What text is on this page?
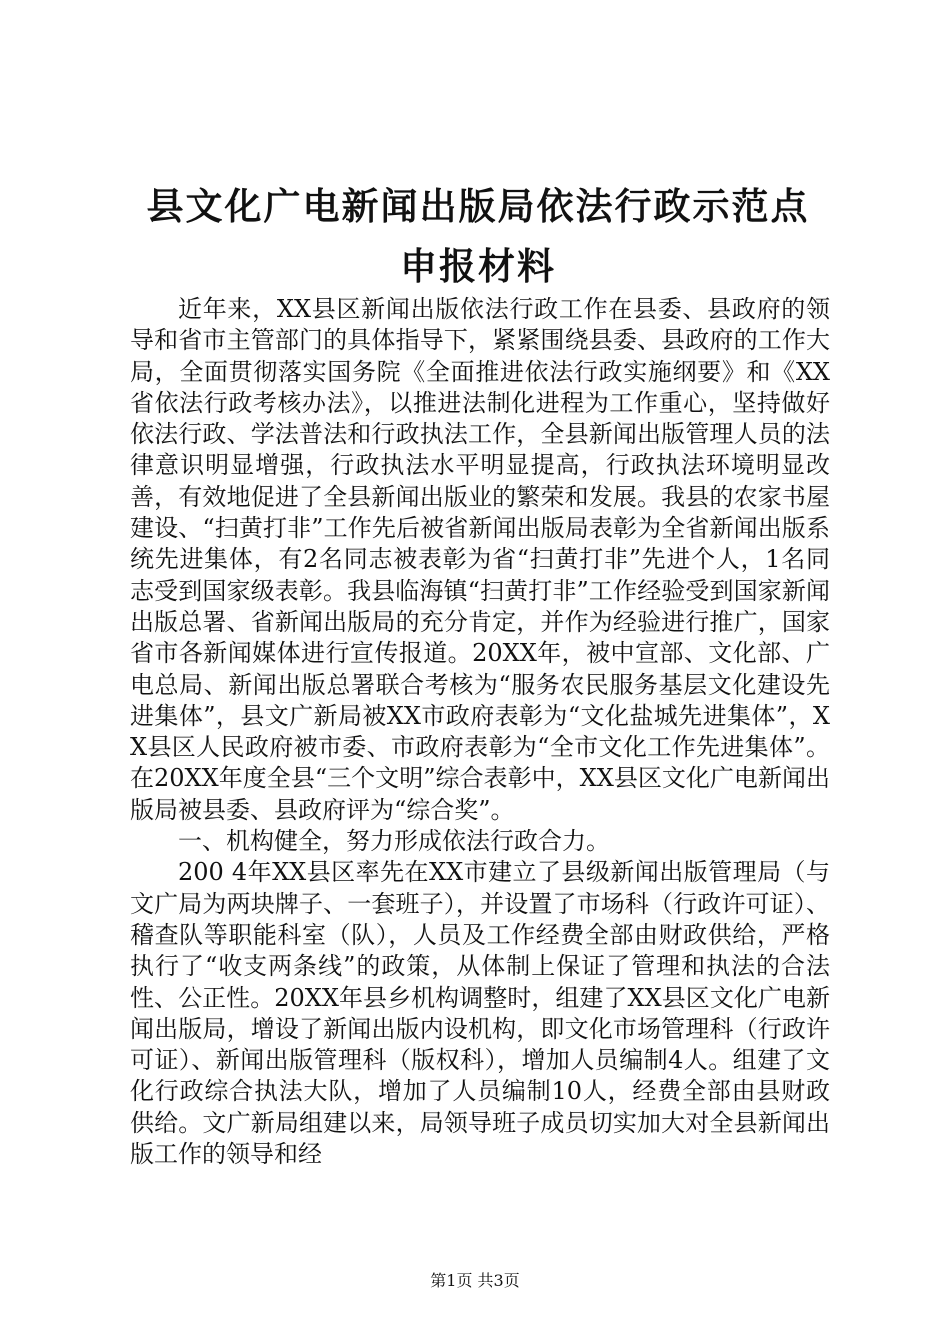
县文化广电新闻出版局依法行政示范点申报材料

近年来，XX县区新闻出版依法行政工作在县委、县政府的领导和省市主管部门的具体指导下，紧紧围绕县委、县政府的工作大局，全面贯彻落实国务院《全面推进依法行政实施纲要》和《XX省依法行政考核办法》，以推进法制化进程为工作重心，坚持做好依法行政、学法普法和行政执法工作，全县新闻出版管理人员的法律意识明显增强，行政执法水平明显提高，行政执法环境明显改善，有效地促进了全县新闻出版业的繁荣和发展。我县的农家书屋建设、“扫黄打非”工作先后被省新闻出版局表彰为全省新闻出版系统先进集体，有2名同志被表彰为省“扫黄打非”先进个人，1名同志受到国家级表彰。我县临海镇“扫黄打非”工作经验受到国家新闻出版总署、省新闻出版局的充分肯定，并作为经验进行推广，国家省市各新闻媒体进行宣传报道。20XX年，被中宣部、文化部、广电总局、新闻出版总署联合考核为“服务农民服务基层文化建设先进集体”，县文广新局被XX市政府表彰为“文化盐城先进集体”，XX县区人民政府被市委、市政府表彰为“全市文化工作先进集体”。在20XX年度全县“三个文明”综合表彰中，XX县区文化广电新闻出版局被县委、县政府评为“综合奖”。

一、机构健全，努力形成依法行政合力。

200 4年XX县区率先在XX市建立了县级新闻出版管理局（与文广局为两块牌子、一套班子），并设置了市场科（行政许可证）、稽查队等职能科室（队），人员及工作经费全部由财政供给，严格执行了“收支两条线”的政策，从体制上保证了管理和执法的合法性、公正性。20XX年县乡机构调整时，组建了XX县区文化广电新闻出版局，增设了新闻出版内设机构，即文化市场管理科（行政许可证）、新闻出版管理科（版权科），增加人员编制4人。组建了文化行政综合执法大队，增加了人员编制10人，经费全部由县财政供给。文广新局组建以来，局领导班子成员切实加大对全县新闻出版工作的领导和经

第1页 共3页
